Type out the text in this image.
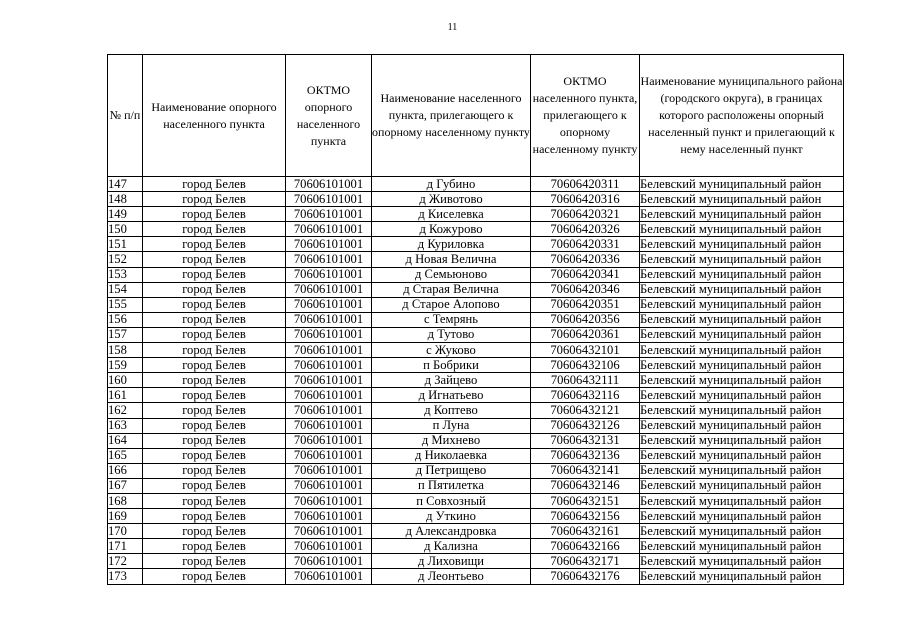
11
№ п/п	Наименование опорного населенного пункта	ОКТМО опорного населенного пункта	Наименование населенного пункта, прилегающего к опорному населенному пункту	ОКТМО населенного пункта, прилегающего к опорному населенному пункту	Наименование муниципального района (городского округа), в границах которого расположены опорный населенный пункт и прилегающий к нему населенный пункт
147	город Белев	70606101001	д Губино	70606420311	Белевский муниципальный район
148	город Белев	70606101001	д Животово	70606420316	Белевский муниципальный район
149	город Белев	70606101001	д Киселевка	70606420321	Белевский муниципальный район
150	город Белев	70606101001	д Кожурово	70606420326	Белевский муниципальный район
151	город Белев	70606101001	д Куриловка	70606420331	Белевский муниципальный район
152	город Белев	70606101001	д Новая Велична	70606420336	Белевский муниципальный район
153	город Белев	70606101001	д Семьюново	70606420341	Белевский муниципальный район
154	город Белев	70606101001	д Старая Велична	70606420346	Белевский муниципальный район
155	город Белев	70606101001	д Старое Алопово	70606420351	Белевский муниципальный район
156	город Белев	70606101001	с Темрянь	70606420356	Белевский муниципальный район
157	город Белев	70606101001	д Тутово	70606420361	Белевский муниципальный район
158	город Белев	70606101001	с Жуково	70606432101	Белевский муниципальный район
159	город Белев	70606101001	п Бобрики	70606432106	Белевский муниципальный район
160	город Белев	70606101001	д Зайцево	70606432111	Белевский муниципальный район
161	город Белев	70606101001	д Игнатьево	70606432116	Белевский муниципальный район
162	город Белев	70606101001	д Коптево	70606432121	Белевский муниципальный район
163	город Белев	70606101001	п Луна	70606432126	Белевский муниципальный район
164	город Белев	70606101001	д Михнево	70606432131	Белевский муниципальный район
165	город Белев	70606101001	д Николаевка	70606432136	Белевский муниципальный район
166	город Белев	70606101001	д Петрищево	70606432141	Белевский муниципальный район
167	город Белев	70606101001	п Пятилетка	70606432146	Белевский муниципальный район
168	город Белев	70606101001	п Совхозный	70606432151	Белевский муниципальный район
169	город Белев	70606101001	д Уткино	70606432156	Белевский муниципальный район
170	город Белев	70606101001	д Александровка	70606432161	Белевский муниципальный район
171	город Белев	70606101001	д Кализна	70606432166	Белевский муниципальный район
172	город Белев	70606101001	д Лиховищи	70606432171	Белевский муниципальный район
173	город Белев	70606101001	д Леонтьево	70606432176	Белевский муниципальный район
